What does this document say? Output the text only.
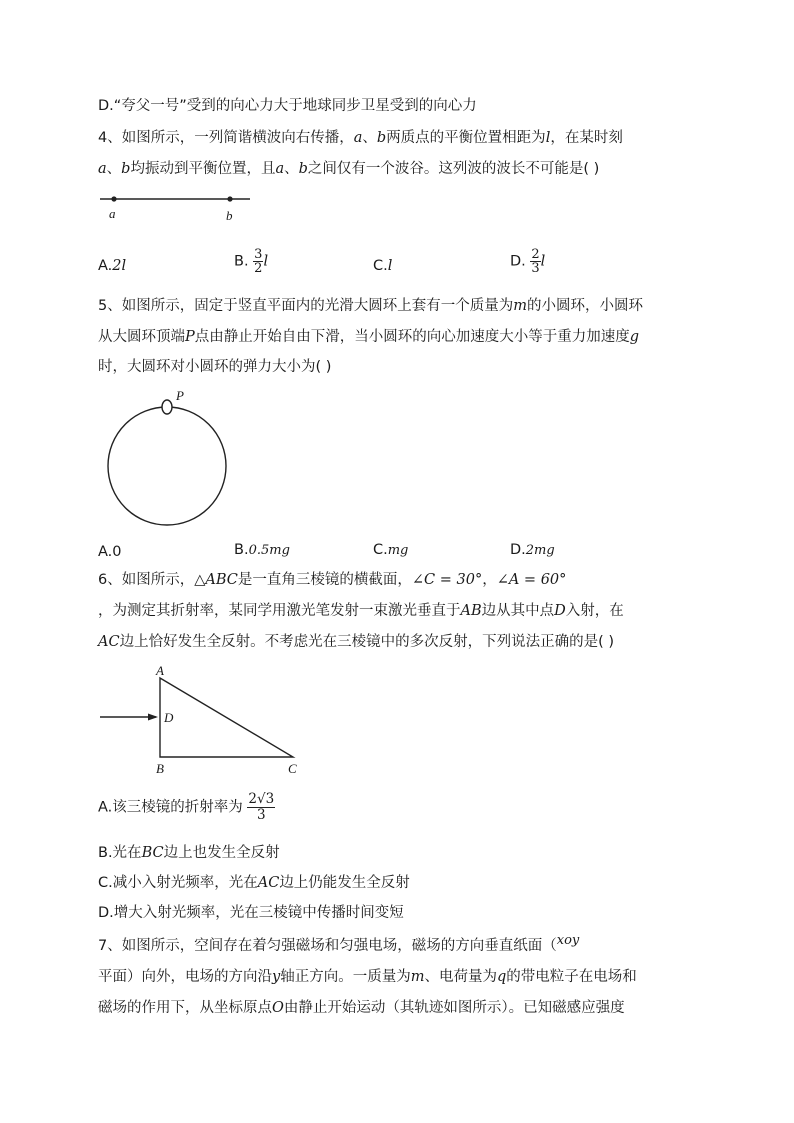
D.“夸父一号”受到的向心力大于地球同步卫星受到的向心力
4、如图所示，一列简谐横波向右传播，a、b两质点的平衡位置相距为l，在某时刻
a、b均振动到平衡位置，且a、b之间仅有一个波谷。这列波的波长不可能是( )
a	b
A.2l	B. $\frac{3}{2}$ l	C.l	D. $\frac{2}{3}$ l
5、如图所示，固定于竖直平面内的光滑大圆环上套有一个质量为m的小圆环，小圆环
从大圆环顶端P点由静止开始自由下滑，当小圆环的向心加速度大小等于重力加速度g
时，大圆环对小圆环的弹力大小为( )
P
A.0	B.0.5mg	C.mg	D.2mg
6、如图所示，△ABC是一直角三棱镜的横截面，∠C = 30°，∠A = 60°
，为测定其折射率，某同学用激光笔发射一束激光垂直于AB边从其中点D入射，在
AC边上恰好发生全反射。不考虑光在三棱镜中的多次反射，下列说法正确的是( )
A
D
B	C
A.该三棱镜的折射率为 $\frac{2√3}{3}$
B.光在BC边上也发生全反射
C.减小入射光频率，光在AC边上仍能发生全反射
D.增大入射光频率，光在三棱镜中传播时间变短
7、如图所示，空间存在着匀强磁场和匀强电场，磁场的方向垂直纸面（xoy
平面）向外，电场的方向沿y轴正方向。一质量为m、电荷量为q的带电粒子在电场和
磁场的作用下，从坐标原点O由静止开始运动（其轨迹如图所示）。已知磁感应强度
